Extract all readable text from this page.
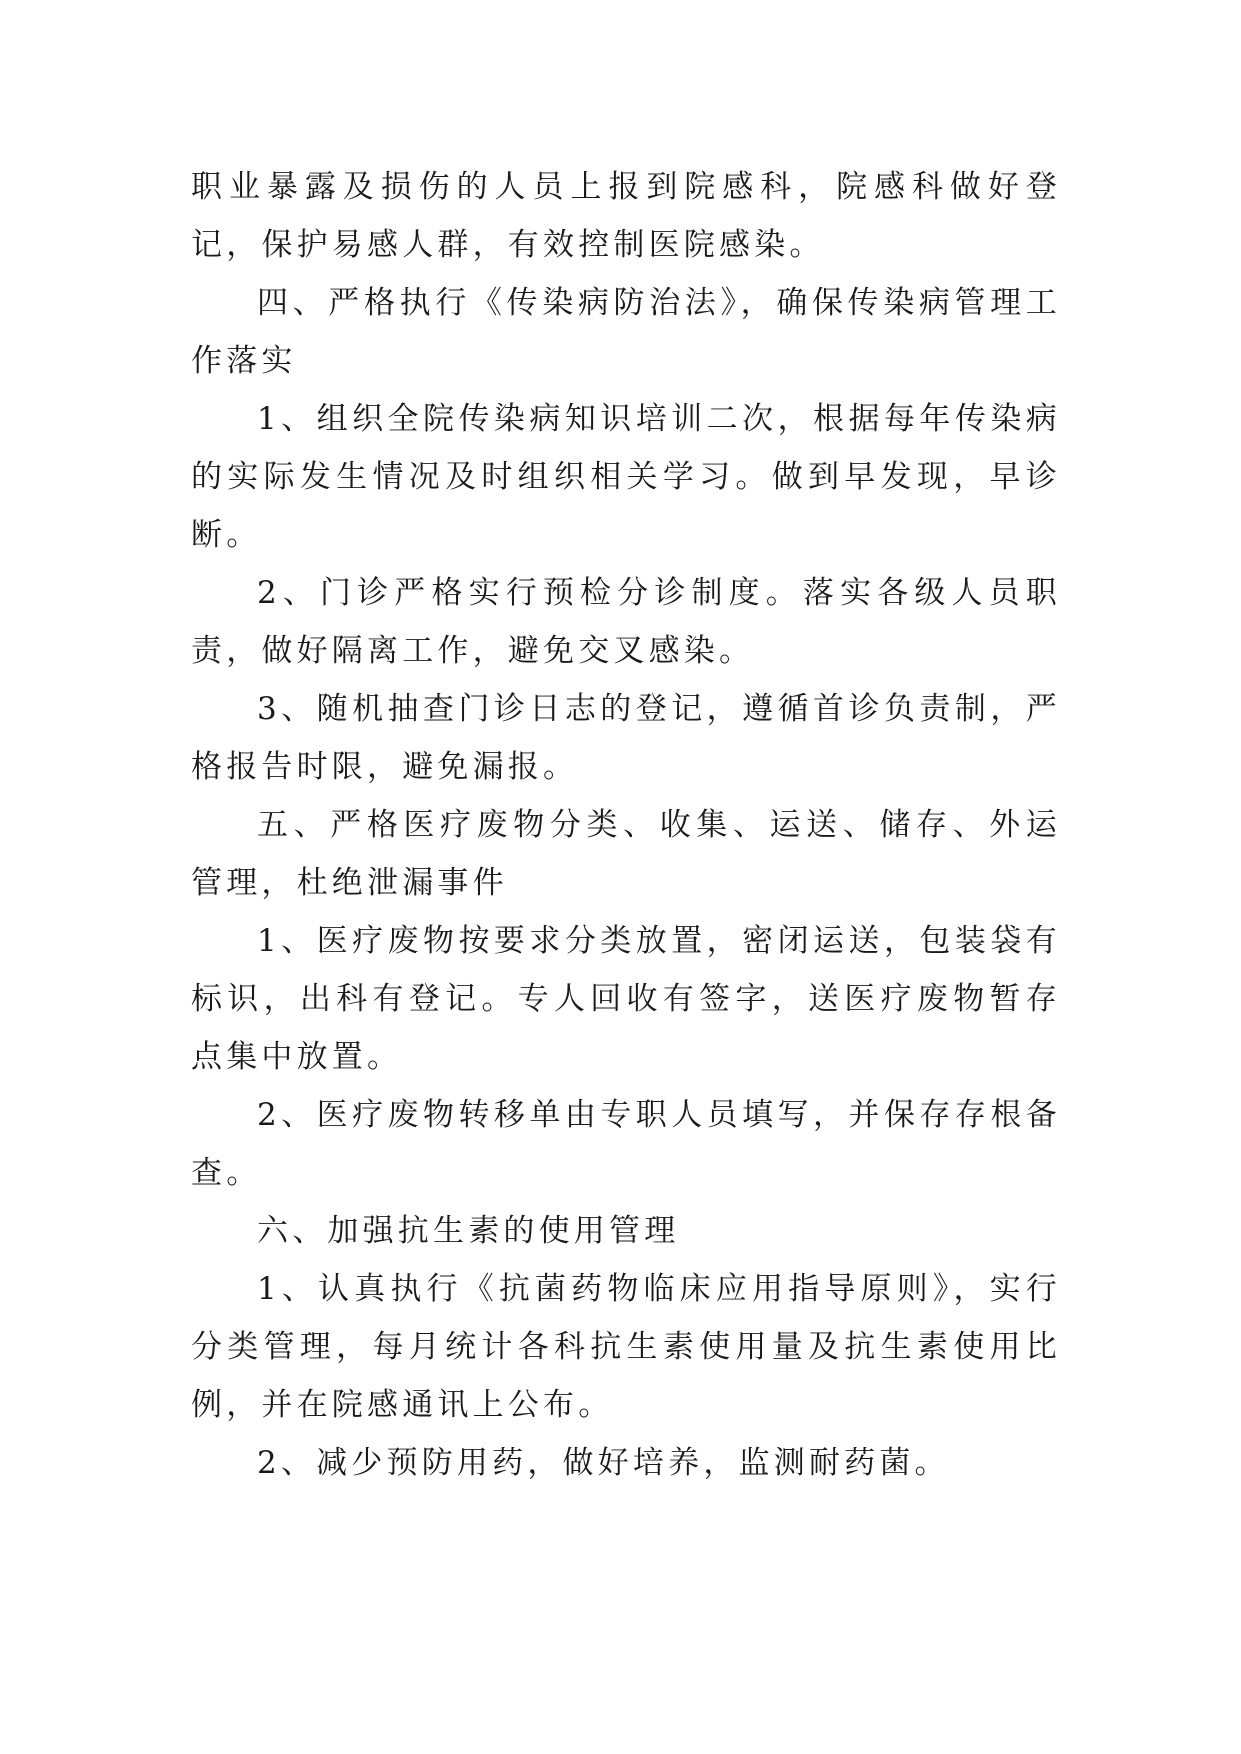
职业暴露及损伤的人员上报到院感科，院感科做好登记，保护易感人群，有效控制医院感染。

四、严格执行《传染病防治法》，确保传染病管理工作落实

1、组织全院传染病知识培训二次，根据每年传染病的实际发生情况及时组织相关学习。做到早发现，早诊断。

2、门诊严格实行预检分诊制度。落实各级人员职责，做好隔离工作，避免交叉感染。

3、随机抽查门诊日志的登记，遵循首诊负责制，严格报告时限，避免漏报。

五、严格医疗废物分类、收集、运送、储存、外运管理，杜绝泄漏事件

1、医疗废物按要求分类放置，密闭运送，包装袋有标识，出科有登记。专人回收有签字，送医疗废物暂存点集中放置。

2、医疗废物转移单由专职人员填写，并保存存根备查。

六、加强抗生素的使用管理

1、认真执行《抗菌药物临床应用指导原则》，实行分类管理，每月统计各科抗生素使用量及抗生素使用比例，并在院感通讯上公布。

2、减少预防用药，做好培养，监测耐药菌。
